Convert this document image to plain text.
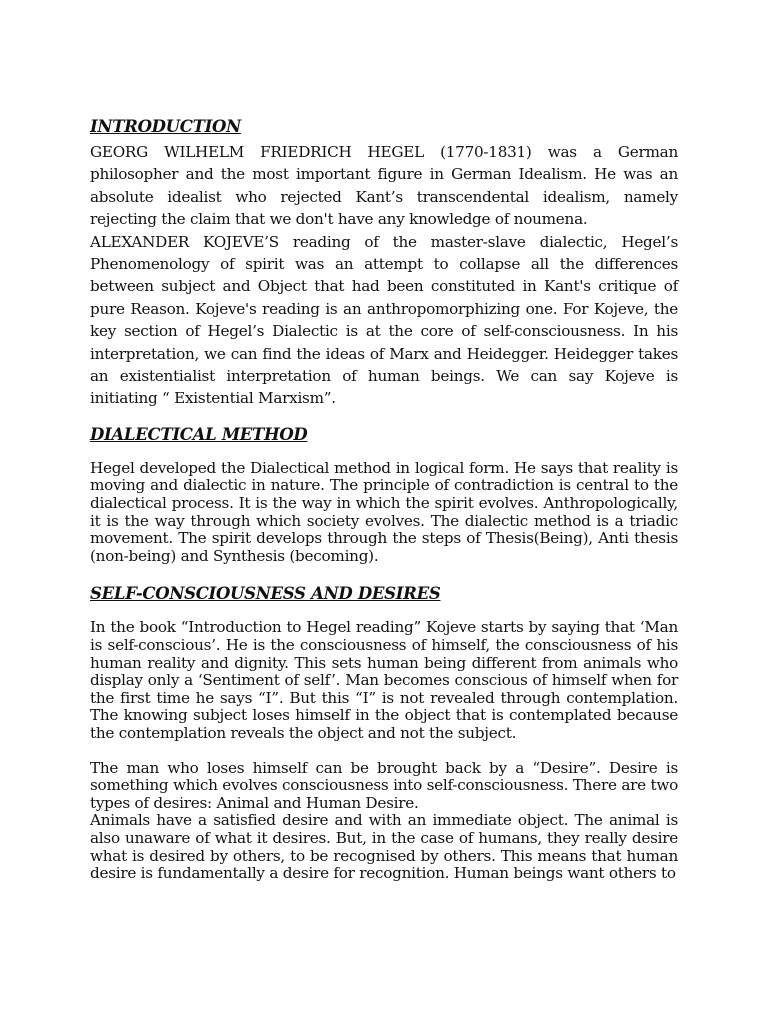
INTRODUCTION

GEORG WILHELM FRIEDRICH HEGEL (1770-1831) was a German philosopher and the most important figure in German Idealism. He was an absolute idealist who rejected Kant’s transcendental idealism, namely rejecting the claim that we don't have any knowledge of noumena.

ALEXANDER KOJEVE’S reading of the master-slave dialectic, Hegel’s Phenomenology of spirit was an attempt to collapse all the differences between subject and Object that had been constituted in Kant's critique of pure Reason. Kojeve's reading is an anthropomorphizing one. For Kojeve, the key section of Hegel’s Dialectic is at the core of self-consciousness. In his interpretation, we can find the ideas of Marx and Heidegger. Heidegger takes an existentialist interpretation of human beings. We can say Kojeve is initiating “ Existential Marxism”.

DIALECTICAL METHOD

Hegel developed the Dialectical method in logical form. He says that reality is moving and dialectic in nature. The principle of contradiction is central to the dialectical process. It is the way in which the spirit evolves. Anthropologically, it is the way through which society evolves. The dialectic method is a triadic movement. The spirit develops through the steps of Thesis(Being), Anti thesis (non-being) and Synthesis (becoming).

SELF-CONSCIOUSNESS AND DESIRES

In the book “Introduction to Hegel reading” Kojeve starts by saying that ‘Man is self-conscious’. He is the consciousness of himself, the consciousness of his human reality and dignity. This sets human being different from animals who display only a ‘Sentiment of self’. Man becomes conscious of himself when for the first time he says “I”. But this “I” is not revealed through contemplation. The knowing subject loses himself in the object that is contemplated because the contemplation reveals the object and not the subject.

The man who loses himself can be brought back by a “Desire”. Desire is something which evolves consciousness into self-consciousness. There are two types of desires: Animal and Human Desire.

Animals have a satisfied desire and with an immediate object. The animal is also unaware of what it desires. But, in the case of humans, they really desire what is desired by others, to be recognised by others. This means that human desire is fundamentally a desire for recognition. Human beings want others to
